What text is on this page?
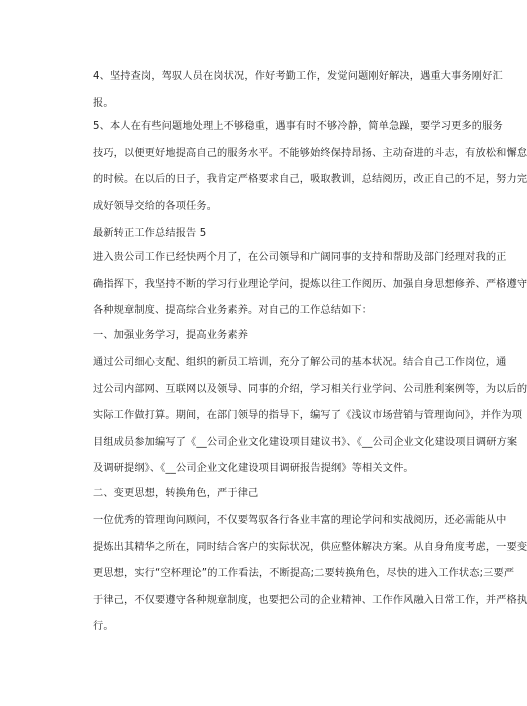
4、坚持查岗，驾驭人员在岗状况，作好考勤工作，发觉问题刚好解决，遇重大事务刚好汇
报。
5、本人在有些问题地处理上不够稳重，遇事有时不够冷静，简单急躁，要学习更多的服务
技巧，以便更好地提高自己的服务水平。不能够始终保持昂扬、主动奋进的斗志，有放松和懈怠
的时候。在以后的日子，我肯定严格要求自己，吸取教训，总结阅历，改正自己的不足，努力完
成好领导交给的各项任务。
最新转正工作总结报告 5
进入贵公司工作已经快两个月了，在公司领导和广阔同事的支持和帮助及部门经理对我的正
确指挥下，我坚持不断的学习行业理论学问，提炼以往工作阅历、加强自身思想修养、严格遵守
各种规章制度、提高综合业务素养。对自己的工作总结如下：
一、加强业务学习，提高业务素养
通过公司细心支配、组织的新员工培训，充分了解公司的基本状况。结合自己工作岗位，通
过公司内部网、互联网以及领导、同事的介绍，学习相关行业学问、公司胜利案例等，为以后的
实际工作做打算。期间，在部门领导的指导下，编写了《浅议市场营销与管理询问》，并作为项
目组成员参加编写了《__公司企业文化建设项目建议书》、《__公司企业文化建设项目调研方案
及调研提纲》、《__公司企业文化建设项目调研报告提纲》等相关文件。
二、变更思想，转换角色，严于律己
一位优秀的管理询问顾问，不仅要驾驭各行各业丰富的理论学问和实战阅历，还必需能从中
提炼出其精华之所在，同时结合客户的实际状况，供应整体解决方案。从自身角度考虑，一要变
更思想，实行“空杯理论”的工作看法，不断提高;二要转换角色，尽快的进入工作状态;三要严
于律己，不仅要遵守各种规章制度，也要把公司的企业精神、工作作风融入日常工作，并严格执
行。
